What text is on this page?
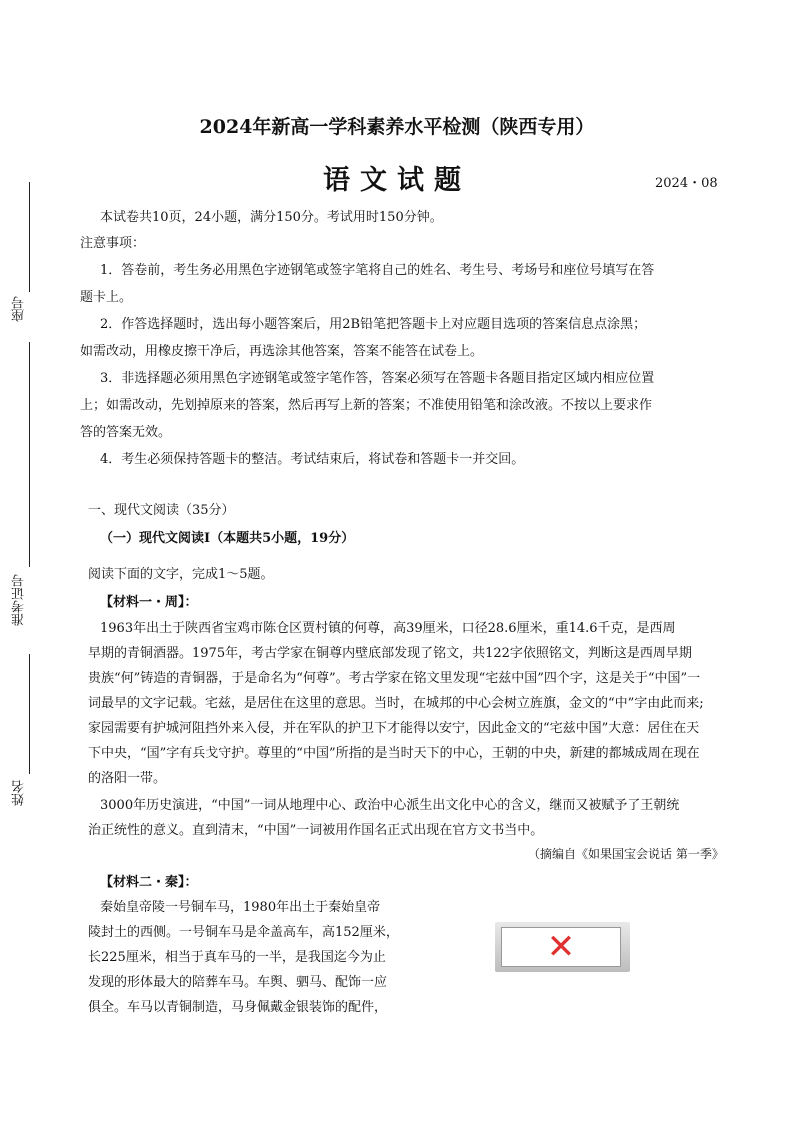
2024年新高一学科素养水平检测（陕西专用）
语文试题	2024・08
座号
准考证号
姓名
本试卷共10页，24小题，满分150分。考试用时150分钟。
注意事项：
1．答卷前，考生务必用黑色字迹钢笔或签字笔将自己的姓名、考生号、考场号和座位号填写在答
题卡上。
2．作答选择题时，选出每小题答案后，用2B铅笔把答题卡上对应题目选项的答案信息点涂黑；
如需改动，用橡皮擦干净后，再选涂其他答案，答案不能答在试卷上。
3．非选择题必须用黑色字迹钢笔或签字笔作答，答案必须写在答题卡各题目指定区域内相应位置
上；如需改动，先划掉原来的答案，然后再写上新的答案；不准使用铅笔和涂改液。不按以上要求作
答的答案无效。
4．考生必须保持答题卡的整洁。考试结束后，将试卷和答题卡一并交回。
一、现代文阅读（35分）
（一）现代文阅读Ⅰ（本题共5小题，19分）
阅读下面的文字，完成1～5题。
【材料一・周】：
1963年出土于陕西省宝鸡市陈仓区贾村镇的何尊，高39厘米，口径28.6厘米，重14.6千克，是西周
早期的青铜酒器。1975年，考古学家在铜尊内壁底部发现了铭文，共122字依照铭文，判断这是西周早期
贵族“何”铸造的青铜器，于是命名为“何尊”。考古学家在铭文里发现“宅兹中国”四个字，这是关于“中国”一
词最早的文字记载。宅兹，是居住在这里的意思。当时，在城邦的中心会树立旌旗，金文的“中”字由此而来;
家园需要有护城河阻挡外来入侵，并在军队的护卫下才能得以安宁，因此金文的“宅兹中国”大意：居住在天
下中央，“国”字有兵戈守护。尊里的“中国”所指的是当时天下的中心，王朝的中央，新建的都城成周在现在
的洛阳一带。
3000年历史演进，“中国”一词从地理中心、政治中心派生出文化中心的含义，继而又被赋予了王朝统
治正统性的意义。直到清末，“中国”一词被用作国名正式出现在官方文书当中。
（摘编自《如果国宝会说话 第一季》
【材料二・秦】：
秦始皇帝陵一号铜车马，1980年出土于秦始皇帝
陵封土的西侧。一号铜车马是伞盖高车，高152厘米，
长225厘米，相当于真车马的一半，是我国迄今为止
发现的形体最大的陪葬车马。车舆、驷马、配饰一应
俱全。车马以青铜制造，马身佩戴金银装饰的配件，
✕
